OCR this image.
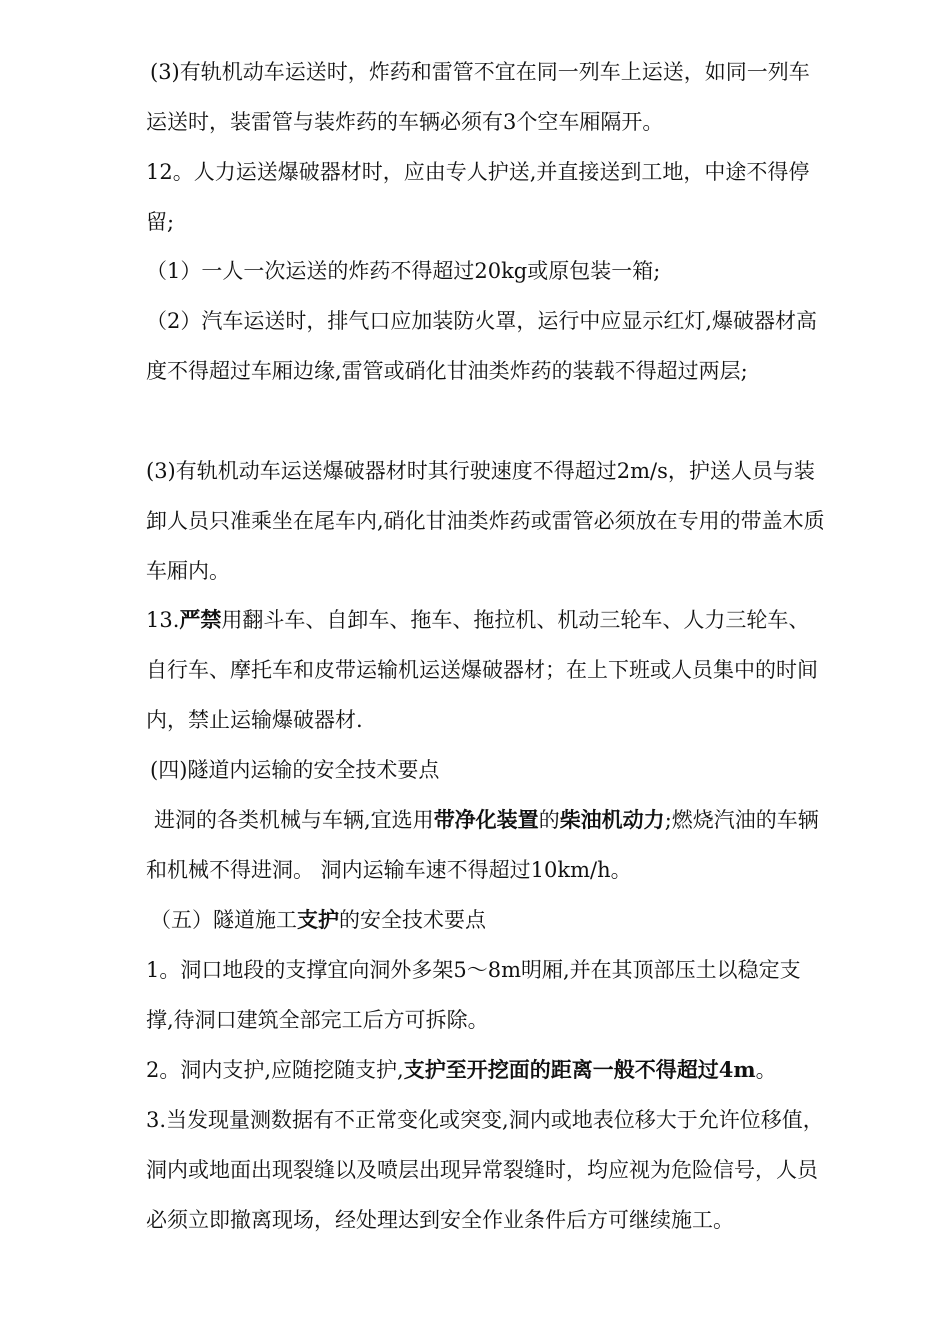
(3)有轨机动车运送时，炸药和雷管不宜在同一列车上运送，如同一列车运送时，装雷管与装炸药的车辆必须有3个空车厢隔开。

12。人力运送爆破器材时，应由专人护送,并直接送到工地，中途不得停留;

（1）一人一次运送的炸药不得超过20kg或原包装一箱;

（2）汽车运送时，排气口应加装防火罩，运行中应显示红灯,爆破器材高度不得超过车厢边缘,雷管或硝化甘油类炸药的装载不得超过两层;

(3)有轨机动车运送爆破器材时其行驶速度不得超过2m/s，护送人员与装卸人员只准乘坐在尾车内,硝化甘油类炸药或雷管必须放在专用的带盖木质车厢内。

13.严禁用翻斗车、自卸车、拖车、拖拉机、机动三轮车、人力三轮车、自行车、摩托车和皮带运输机运送爆破器材；在上下班或人员集中的时间内，禁止运输爆破器材.

(四)隧道内运输的安全技术要点

进洞的各类机械与车辆,宜选用带净化装置的柴油机动力;燃烧汽油的车辆和机械不得进洞。 洞内运输车速不得超过10km/h。

（五）隧道施工支护的安全技术要点

1。洞口地段的支撑宜向洞外多架5～8m明厢,并在其顶部压土以稳定支撑,待洞口建筑全部完工后方可拆除。

2。洞内支护,应随挖随支护,支护至开挖面的距离一般不得超过4m。

3.当发现量测数据有不正常变化或突变,洞内或地表位移大于允许位移值，洞内或地面出现裂缝以及喷层出现异常裂缝时，均应视为危险信号，人员必须立即撤离现场，经处理达到安全作业条件后方可继续施工。
